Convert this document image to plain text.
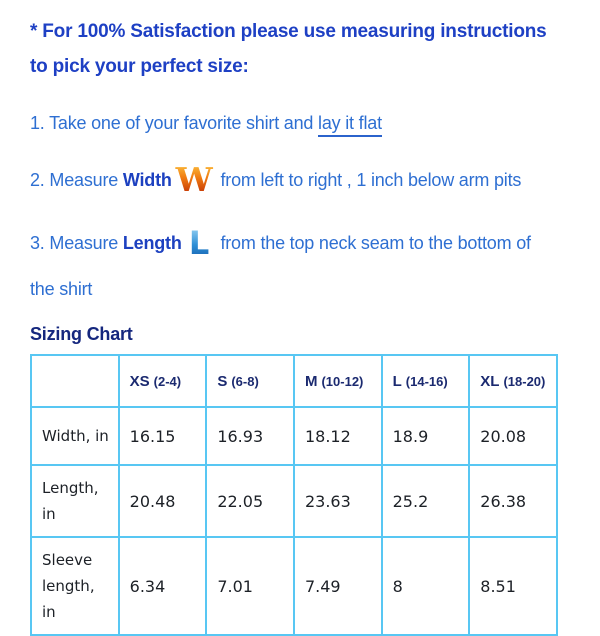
* For 100% Satisfaction please use measuring instructions
to pick your perfect size:
1. Take one of your favorite shirt and lay it flat
2. Measure Width W from left to right , 1 inch below arm pits
3. Measure Length L from the top neck seam to the bottom of
the shirt
Sizing Chart
	XS (2-4)	S (6-8)	M (10-12)	L (14-16)	XL (18-20)

Width, in	16.15	16.93	18.12	18.9	20.08

Length,
in	20.48	22.05	23.63	25.2	26.38

Sleeve
length,
in	6.34	7.01	7.49	8	8.51
